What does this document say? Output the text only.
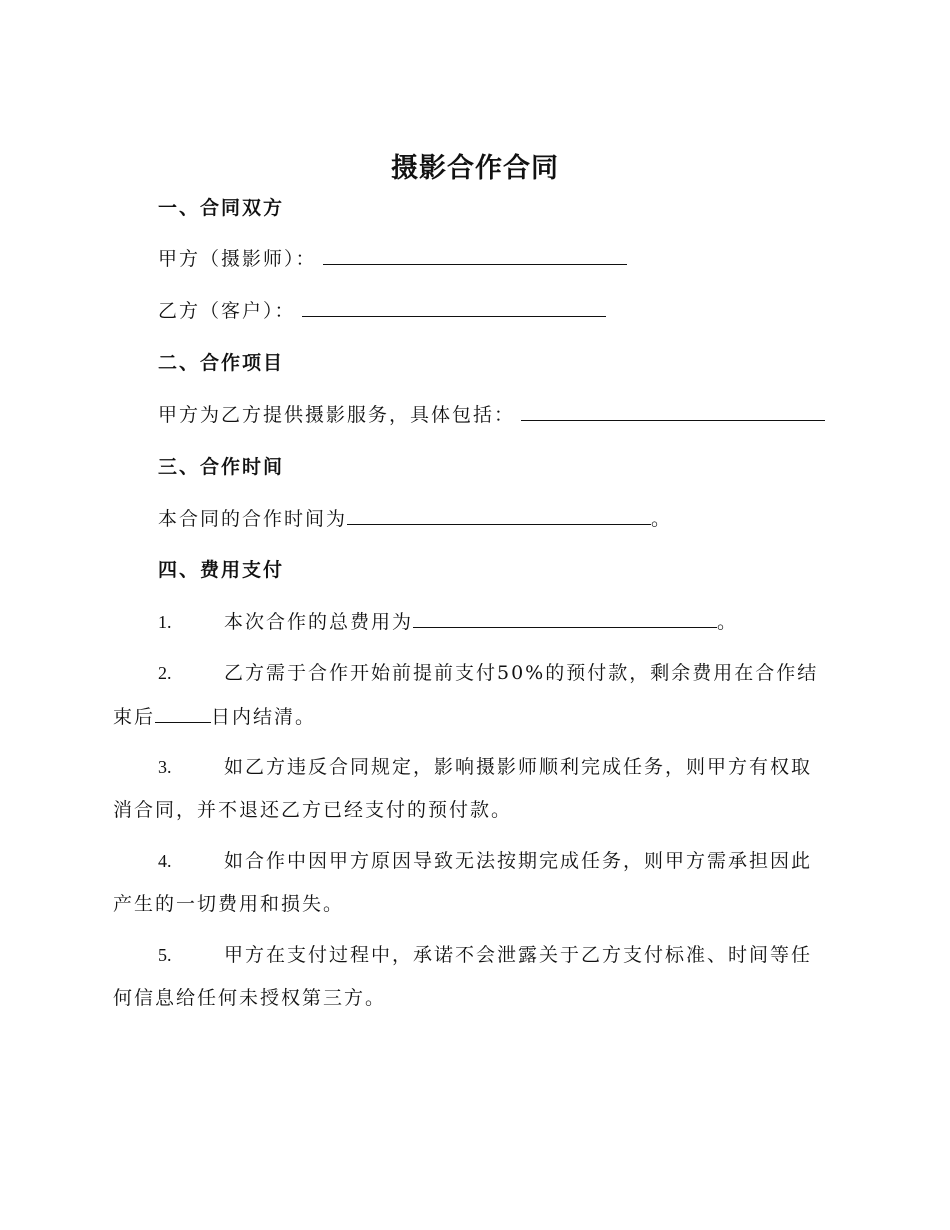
摄影合作合同
一、合同双方
甲方（摄影师）：
乙方（客户）：
二、合作项目
甲方为乙方提供摄影服务，具体包括：
三、合作时间
本合同的合作时间为	。
四、费用支付
1.	本次合作的总费用为	。
2.	乙方需于合作开始前提前支付50%的预付款，剩余费用在合作结
束后	日内结清。
3.	如乙方违反合同规定，影响摄影师顺利完成任务，则甲方有权取
消合同，并不退还乙方已经支付的预付款。
4.	如合作中因甲方原因导致无法按期完成任务，则甲方需承担因此
产生的一切费用和损失。
5.	甲方在支付过程中，承诺不会泄露关于乙方支付标准、时间等任
何信息给任何未授权第三方。
